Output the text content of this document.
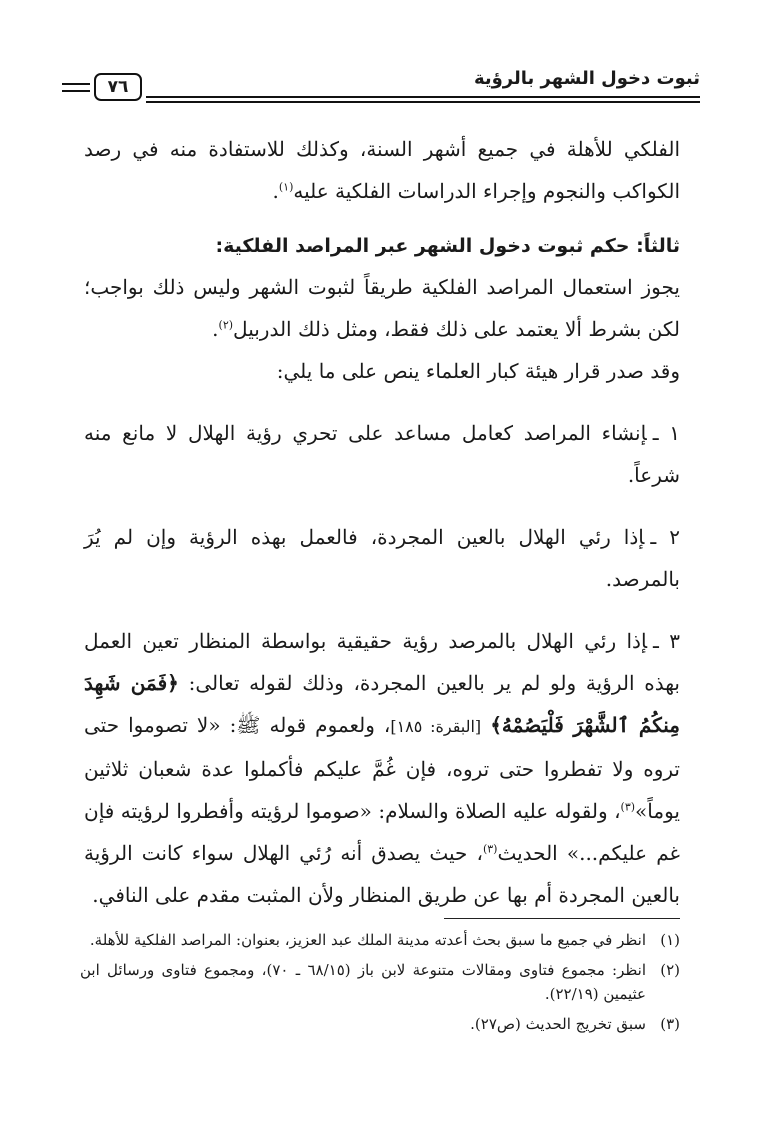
ثبوت دخول الشهر بالرؤية
٧٦

الفلكي للأهلة في جميع أشهر السنة، وكذلك للاستفادة منه في رصد الكواكب والنجوم وإجراء الدراسات الفلكية عليه$^{(١)}$.

ثالثاً: حكم ثبوت دخول الشهر عبر المراصد الفلكية:

يجوز استعمال المراصد الفلكية طريقاً لثبوت الشهر وليس ذلك بواجب؛ لكن بشرط ألا يعتمد على ذلك فقط، ومثل ذلك الدربيل$^{(٢)}$.

وقد صدر قرار هيئة كبار العلماء ينص على ما يلي:

١ ـإنشاء المراصد كعامل مساعد على تحري رؤية الهلال لا مانع منه شرعاً.

٢ ـإذا رئي الهلال بالعين المجردة، فالعمل بهذه الرؤية وإن لم يُرَ بالمرصد.

٣ ـإذا رئي الهلال بالمرصد رؤية حقيقية بواسطة المنظار تعين العمل بهذه الرؤية ولو لم ير بالعين المجردة، وذلك لقوله تعالى: ﴿فَمَن شَهِدَ مِنكُمُ ٱلشَّهْرَ فَلْيَصُمْهُ﴾ [البقرة: ١٨٥]، ولعموم قوله ﷺ: «لا تصوموا حتى تروه ولا تفطروا حتى تروه، فإن غُمَّ عليكم فأكملوا عدة شعبان ثلاثين يوماً»$^{(٣)}$، ولقوله عليه الصلاة والسلام: «صوموا لرؤيته وأفطروا لرؤيته فإن غم عليكم...» الحديث$^{(٣)}$، حيث يصدق أنه رُئي الهلال سواء كانت الرؤية بالعين المجردة أم بها عن طريق المنظار ولأن المثبت مقدم على النافي.

(١)
انظر في جميع ما سبق بحث أعدته مدينة الملك عبد العزيز، بعنوان: المراصد الفلكية للأهلة.
(٢)
انظر: مجموع فتاوى ومقالات متنوعة لابن باز (٦٨/١٥ ـ ٧٠)، ومجموع فتاوى ورسائل ابن عثيمين (٢٢/١٩).
(٣)
سبق تخريج الحديث (ص٢٧).
